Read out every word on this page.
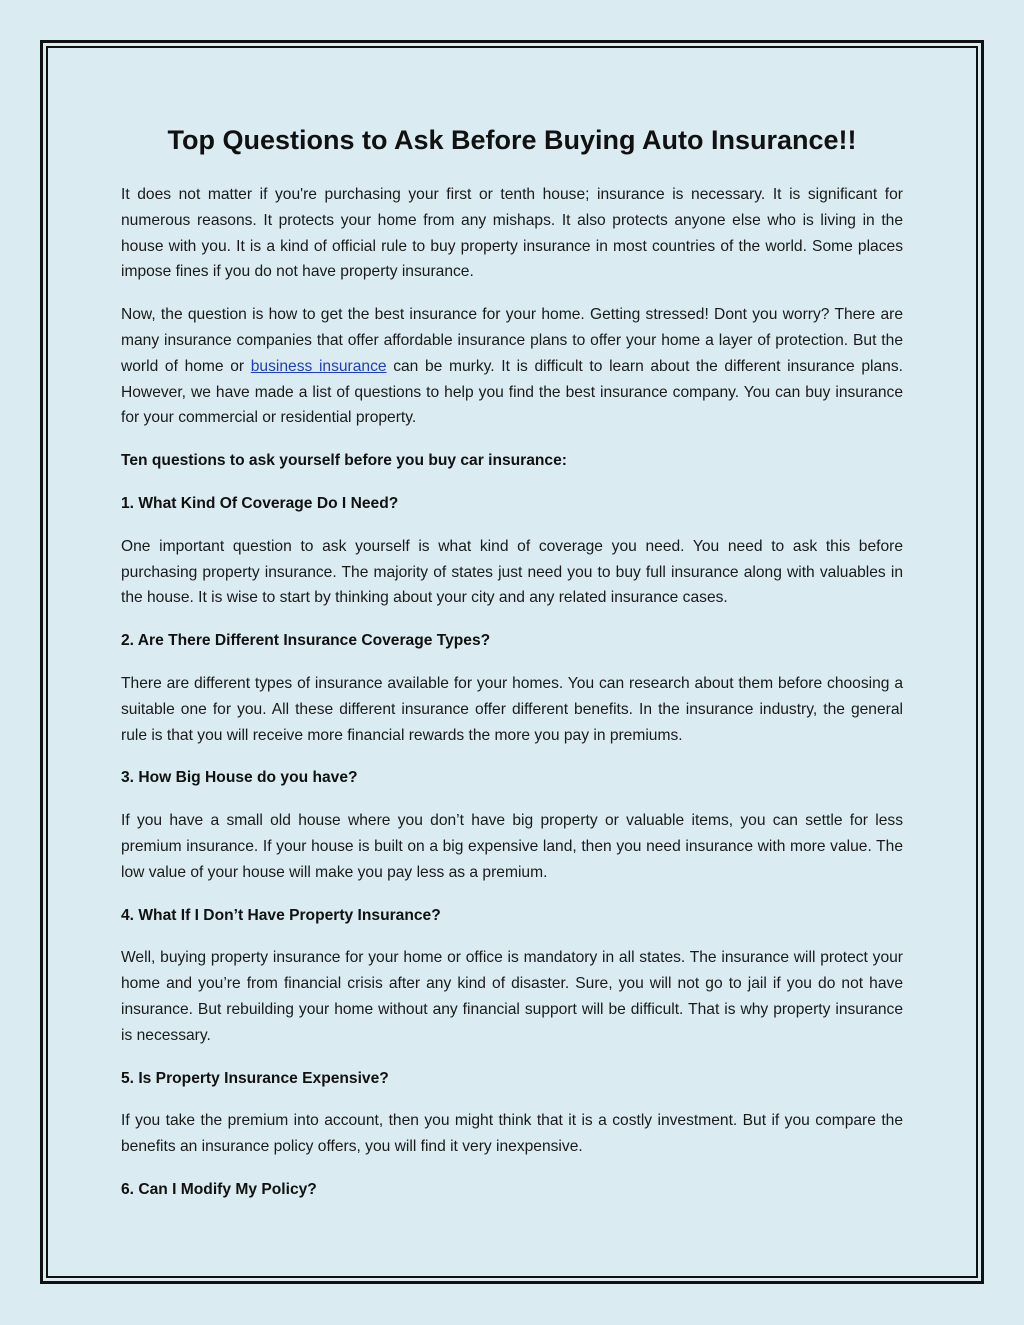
Top Questions to Ask Before Buying Auto Insurance!!

It does not matter if you're purchasing your first or tenth house; insurance is necessary. It is significant for numerous reasons. It protects your home from any mishaps. It also protects anyone else who is living in the house with you. It is a kind of official rule to buy property insurance in most countries of the world. Some places impose fines if you do not have property insurance.

Now, the question is how to get the best insurance for your home. Getting stressed! Dont you worry? There are many insurance companies that offer affordable insurance plans to offer your home a layer of protection. But the world of home or business insurance can be murky. It is difficult to learn about the different insurance plans. However, we have made a list of questions to help you find the best insurance company. You can buy insurance for your commercial or residential property.

Ten questions to ask yourself before you buy car insurance:

1. What Kind Of Coverage Do I Need?

One important question to ask yourself is what kind of coverage you need. You need to ask this before purchasing property insurance. The majority of states just need you to buy full insurance along with valuables in the house. It is wise to start by thinking about your city and any related insurance cases.

2. Are There Different Insurance Coverage Types?

There are different types of insurance available for your homes. You can research about them before choosing a suitable one for you. All these different insurance offer different benefits. In the insurance industry, the general rule is that you will receive more financial rewards the more you pay in premiums.

3. How Big House do you have?

If you have a small old house where you don’t have big property or valuable items, you can settle for less premium insurance. If your house is built on a big expensive land, then you need insurance with more value. The low value of your house will make you pay less as a premium.

4. What If I Don’t Have Property Insurance?

Well, buying property insurance for your home or office is mandatory in all states. The insurance will protect your home and you’re from financial crisis after any kind of disaster. Sure, you will not go to jail if you do not have insurance. But rebuilding your home without any financial support will be difficult. That is why property insurance is necessary.

5. Is Property Insurance Expensive?

If you take the premium into account, then you might think that it is a costly investment. But if you compare the benefits an insurance policy offers, you will find it very inexpensive.

6. Can I Modify My Policy?
